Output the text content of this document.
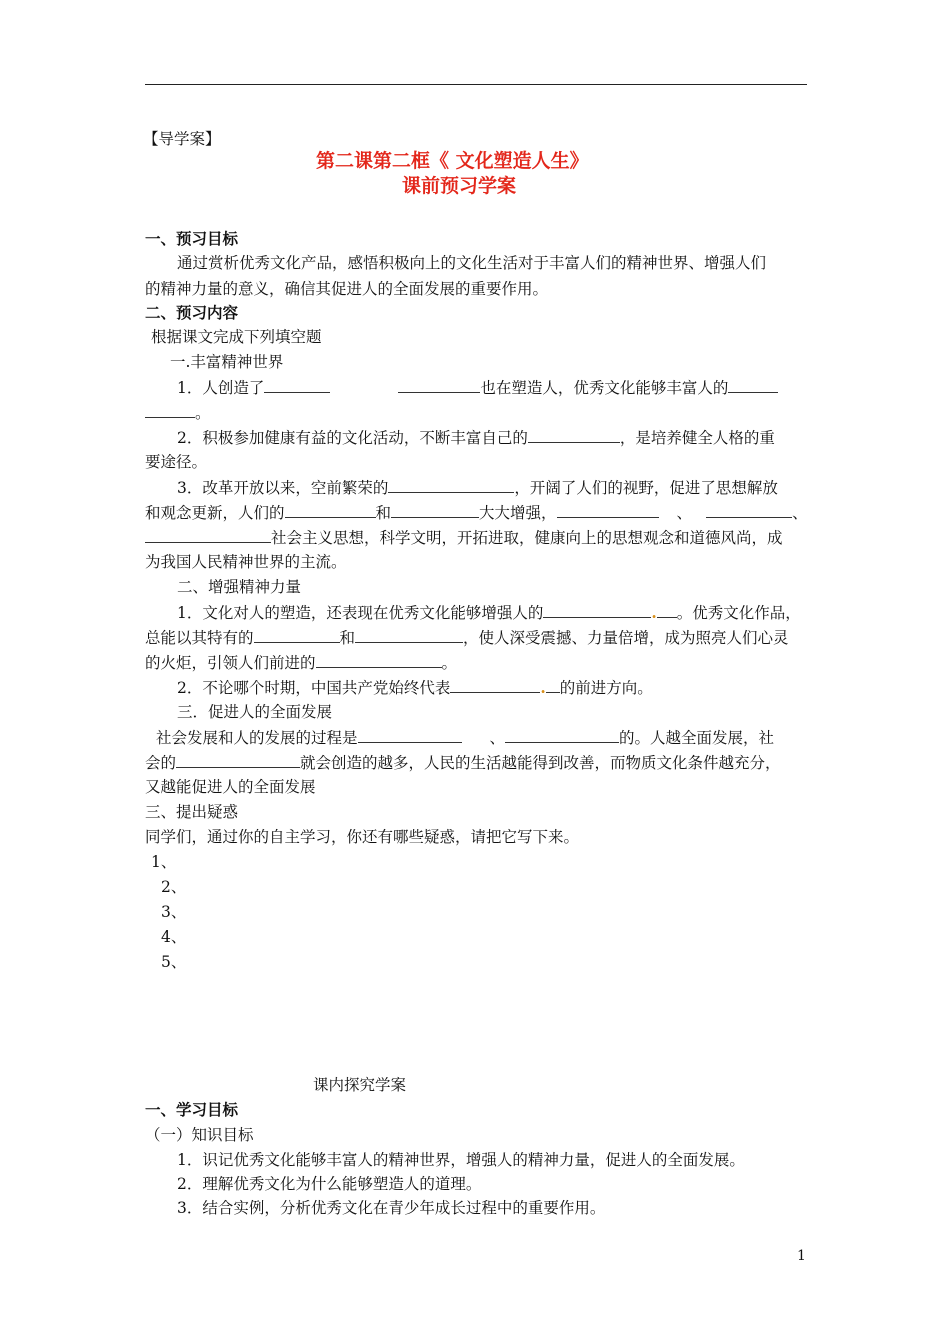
【导学案】
第二课第二框《 文化塑造人生》
课前预习学案
一、预习目标
通过赏析优秀文化产品，感悟积极向上的文化生活对于丰富人们的精神世界、增强人们
的精神力量的意义，确信其促进人的全面发展的重要作用。
二、预习内容
根据课文完成下列填空题
一.丰富精神世界
1．人创造了	也在塑造人，优秀文化能够丰富人的
。
2．积极参加健康有益的文化活动，不断丰富自己的	，是培养健全人格的重
要途径。
3．改革开放以来，空前繁荣的	，开阔了人们的视野，促进了思想解放
和观念更新，人们的	和	大大增强，	、	、
社会主义思想，科学文明，开拓进取，健康向上的思想观念和道德风尚，成
为我国人民精神世界的主流。
二、增强精神力量
1．文化对人的塑造，还表现在优秀文化能够增强人的	. 。优秀文化作品，
总能以其特有的	和	，使人深受震撼、力量倍增，成为照亮人们心灵
的火炬，引领人们前进的	。
2．不论哪个时期，中国共产党始终代表	. 的前进方向。
三．促进人的全面发展
社会发展和人的发展的过程是	、	的。人越全面发展，社
会的	就会创造的越多，人民的生活越能得到改善，而物质文化条件越充分，
又越能促进人的全面发展
三、提出疑惑
同学们，通过你的自主学习，你还有哪些疑惑，请把它写下来。
1、
2、
3、
4、
5、
课内探究学案
一、学习目标
（一）知识目标
1．识记优秀文化能够丰富人的精神世界，增强人的精神力量，促进人的全面发展。
2．理解优秀文化为什么能够塑造人的道理。
3．结合实例，分析优秀文化在青少年成长过程中的重要作用。
1
